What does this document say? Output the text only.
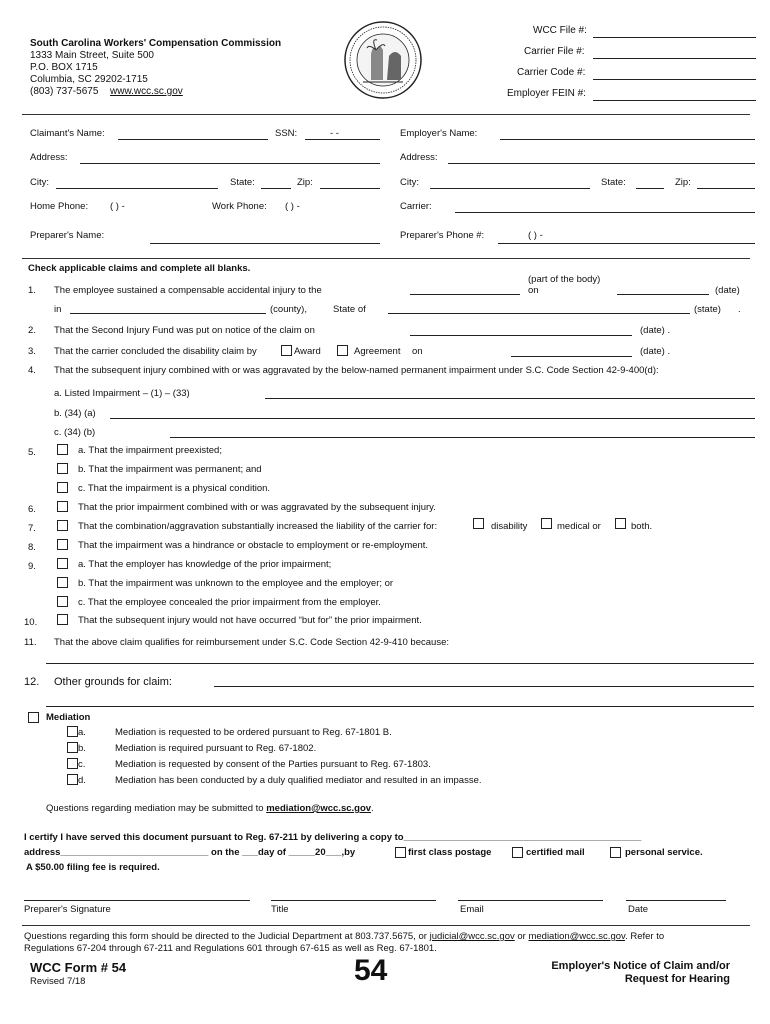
South Carolina Workers' Compensation Commission
1333 Main Street, Suite 500
P.O. BOX 1715
Columbia, SC 29202-1715
(803) 737-5675 www.wcc.sc.gov
WCC File #:
Carrier File #:
Carrier Code #:
Employer FEIN #:
Claimant's Name:	SSN:	- -	Employer's Name:
Address:	Address:
City:	State:	Zip:	City:	State:	Zip:
Home Phone: ( ) -	Work Phone: ( ) -	Carrier:
Preparer's Name:	Preparer's Phone #:	( ) -
Check applicable claims and complete all blanks.
1. The employee sustained a compensable accidental injury to the
(part of the body)
on	(date)
in	(county),	State of	(state) .
2. That the Second Injury Fund was put on notice of the claim on	(date) .
3. That the carrier concluded the disability claim by	Award	Agreement on	(date) .
4. That the subsequent injury combined with or was aggravated by the below-named permanent impairment under S.C. Code Section 42-9-400(d):
a. Listed Impairment – (1) – (33)
b. (34) (a)
c. (34) (b)
5.	a. That the impairment preexisted;
b. That the impairment was permanent; and
c. That the impairment is a physical condition.
6.	That the prior impairment combined with or was aggravated by the subsequent injury.
7.	That the combination/aggravation substantially increased the liability of the carrier for:	disability	medical or	both.
8.	That the impairment was a hindrance or obstacle to employment or re-employment.
9.	a. That the employer has knowledge of the prior impairment;
b. That the impairment was unknown to the employee and the employer; or
c. That the employee concealed the prior impairment from the employer.
10.	That the subsequent injury would not have occurred “but for” the prior impairment.
11. That the above claim qualifies for reimbursement under S.C. Code Section 42-9-410 because:
12. Other grounds for claim:
Mediation
a.	Mediation is requested to be ordered pursuant to Reg. 67-1801 B.
b.	Mediation is required pursuant to Reg. 67-1802.
c.	Mediation is requested by consent of the Parties pursuant to Reg. 67-1803.
d.	Mediation has been conducted by a duly qualified mediator and resulted in an impasse.
Questions regarding mediation may be submitted to mediation@wcc.sc.gov.
I certify I have served this document pursuant to Reg. 67-211 by delivering a copy to_____________________________________________
address____________________________ on the ___day of _____20___,by	first class postage	certified mail	personal service.
A $50.00 filing fee is required.
Preparer's Signature	Title	Email	Date
Questions regarding this form should be directed to the Judicial Department at 803.737.5675, or judicial@wcc.sc.gov or mediation@wcc.sc.gov. Refer to
Regulations 67-204 through 67-211 and Regulations 601 through 67-615 as well as Reg. 67-1801.
WCC Form # 54
Revised 7/18	54	Employer's Notice of Claim and/or
Request for Hearing
